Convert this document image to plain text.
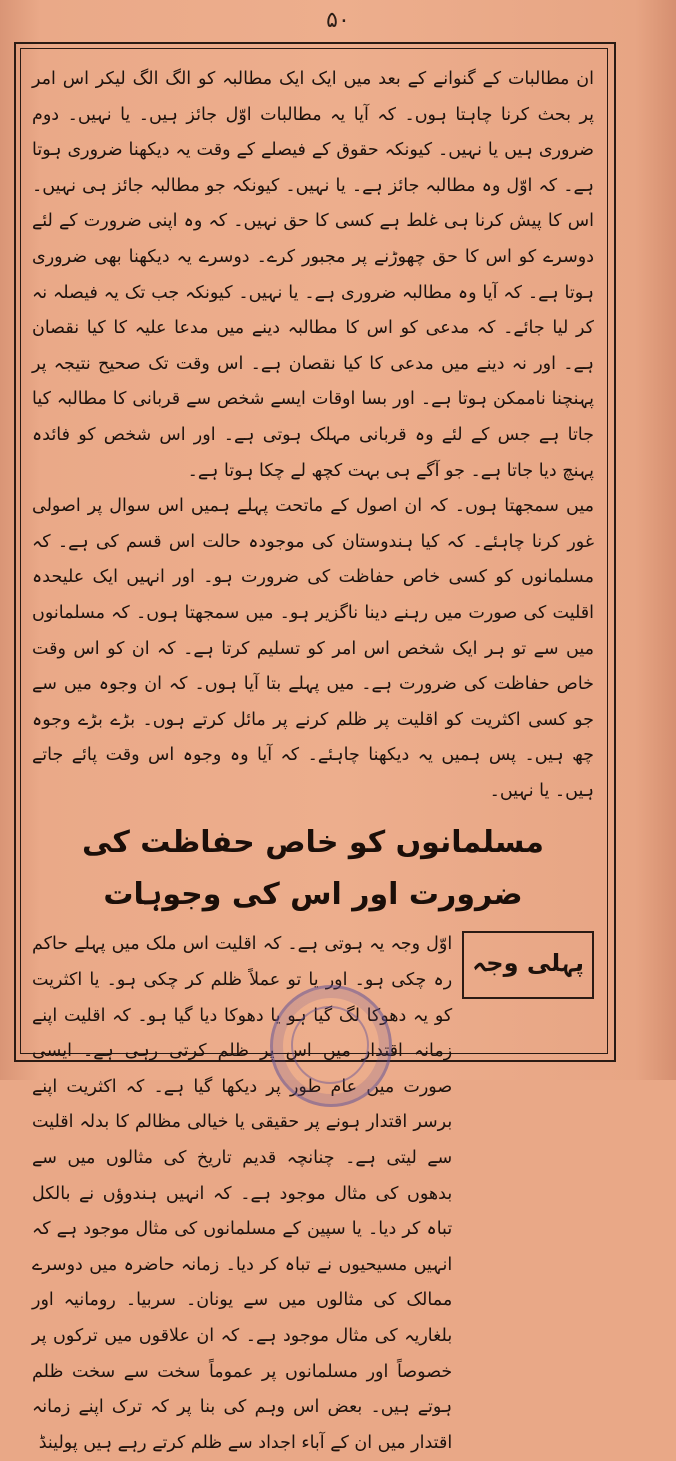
۵۰

ان مطالبات کے گنوانے کے بعد میں ایک ایک مطالبہ کو الگ الگ لیکر اس امر پر بحث کرنا چاہتا ہوں۔ کہ آیا یہ مطالبات اوّل جائز ہیں۔ یا نہیں۔ دوم ضروری ہیں یا نہیں۔ کیونکہ حقوق کے فیصلے کے وقت یہ دیکھنا ضروری ہوتا ہے۔ کہ اوّل وہ مطالبہ جائز ہے۔ یا نہیں۔ کیونکہ جو مطالبہ جائز ہی نہیں۔ اس کا پیش کرنا ہی غلط ہے کسی کا حق نہیں۔ کہ وہ اپنی ضرورت کے لئے دوسرے کو اس کا حق چھوڑنے پر مجبور کرے۔ دوسرے یہ دیکھنا بھی ضروری ہوتا ہے۔ کہ آیا وہ مطالبہ ضروری ہے۔ یا نہیں۔ کیونکہ جب تک یہ فیصلہ نہ کر لیا جائے۔ کہ مدعی کو اس کا مطالبہ دینے میں مدعا علیہ کا کیا نقصان ہے۔ اور نہ دینے میں مدعی کا کیا نقصان ہے۔ اس وقت تک صحیح نتیجہ پر پہنچنا ناممکن ہوتا ہے۔ اور بسا اوقات ایسے شخص سے قربانی کا مطالبہ کیا جاتا ہے جس کے لئے وہ قربانی مہلک ہوتی ہے۔ اور اس شخص کو فائدہ پہنچ دیا جاتا ہے۔ جو آگے ہی بہت کچھ لے چکا ہوتا ہے۔

میں سمجھتا ہوں۔ کہ ان اصول کے ماتحت پہلے ہمیں اس سوال پر اصولی غور کرنا چاہئے۔ کہ کیا ہندوستان کی موجودہ حالت اس قسم کی ہے۔ کہ مسلمانوں کو کسی خاص حفاظت کی ضرورت ہو۔ اور انہیں ایک علیحدہ اقلیت کی صورت میں رہنے دینا ناگزیر ہو۔ میں سمجھتا ہوں۔ کہ مسلمانوں میں سے تو ہر ایک شخص اس امر کو تسلیم کرتا ہے۔ کہ ان کو اس وقت خاص حفاظت کی ضرورت ہے۔ میں پہلے بتا آیا ہوں۔ کہ ان وجوہ میں سے جو کسی اکثریت کو اقلیت پر ظلم کرنے پر مائل کرتے ہوں۔ بڑے بڑے وجوہ چھ ہیں۔ پس ہمیں یہ دیکھنا چاہئے۔ کہ آیا وہ وجوہ اس وقت پائے جاتے ہیں۔ یا نہیں۔

مسلمانوں کو خاص حفاظت کی ضرورت اور اس کی وجوہات
پہلی وجہ

اوّل وجہ یہ ہوتی ہے۔ کہ اقلیت اس ملک میں پہلے حاکم رہ چکی ہو۔ اور یا تو عملاً ظلم کر چکی ہو۔ یا اکثریت کو یہ دھوکا لگ گیا ہو یا دھوکا دیا گیا ہو۔ کہ اقلیت اپنے زمانہ اقتدار میں اس پر ظلم کرتی رہی ہے۔ ایسی صورت میں عام طور پر دیکھا گیا ہے۔ کہ اکثریت اپنے برسر اقتدار ہونے پر حقیقی یا خیالی مظالم کا بدلہ اقلیت سے لیتی ہے۔ چنانچہ قدیم تاریخ کی مثالوں میں سے بدھوں کی مثال موجود ہے۔ کہ انہیں ہندوؤں نے بالکل تباہ کر دیا۔ یا سپین کے مسلمانوں کی مثال موجود ہے کہ انہیں مسیحیوں نے تباہ کر دیا۔ زمانہ حاضرہ میں دوسرے ممالک کی مثالوں میں سے یونان۔ سربیا۔ رومانیہ اور بلغاریہ کی مثال موجود ہے۔ کہ ان علاقوں میں ترکوں پر خصوصاً اور مسلمانوں پر عموماً سخت سے سخت ظلم ہوتے ہیں۔ بعض اس وہم کی بنا پر کہ ترک اپنے زمانہ اقتدار میں ان کے آباء اجداد سے ظلم کرتے رہے ہیں پولینڈ
